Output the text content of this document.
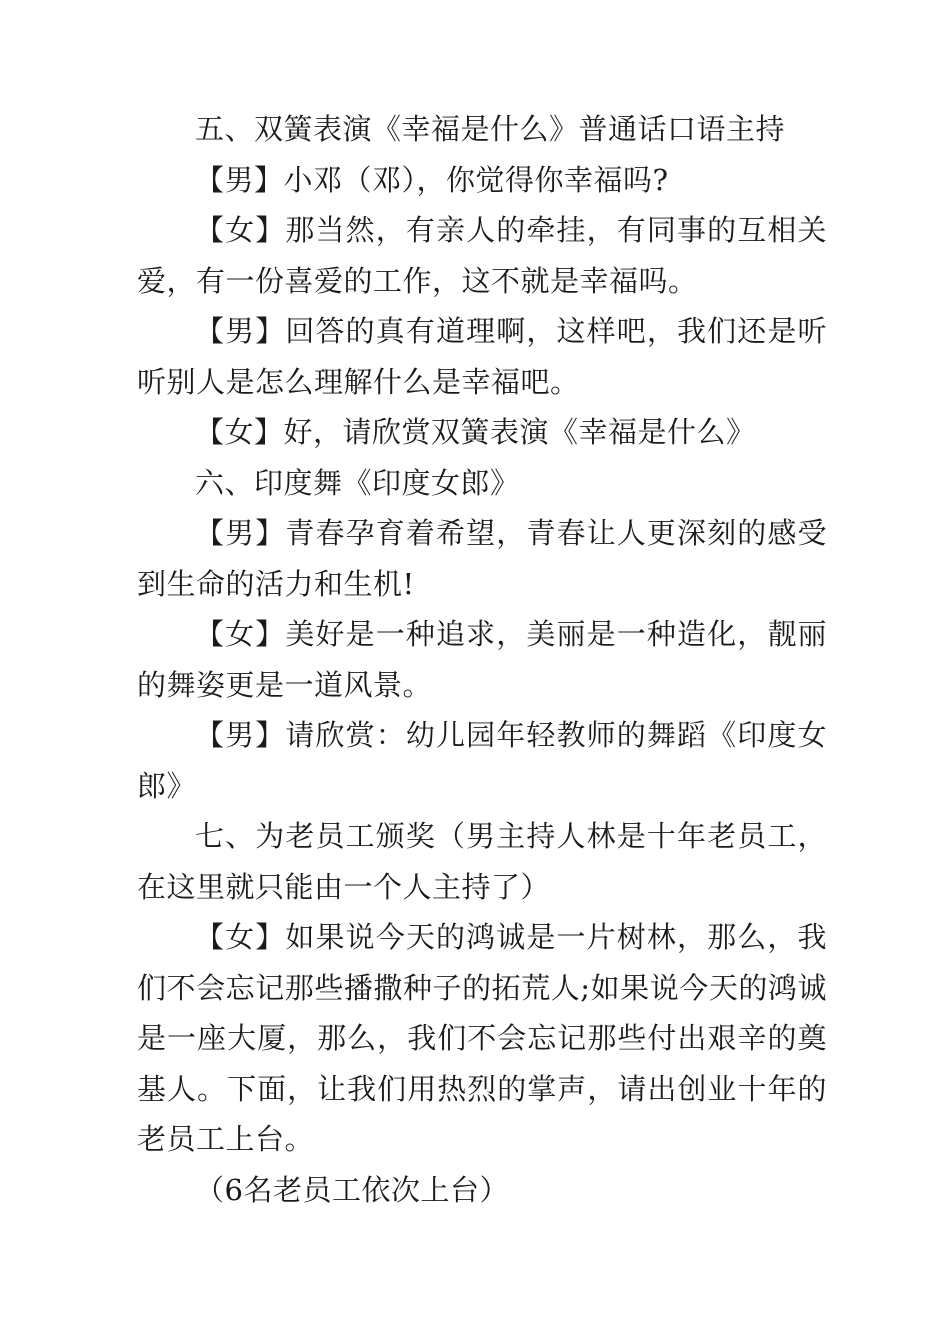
五、双簧表演《幸福是什么》普通话口语主持

【男】小邓（邓），你觉得你幸福吗?

【女】那当然，有亲人的牵挂，有同事的互相关爱，有一份喜爱的工作，这不就是幸福吗。

【男】回答的真有道理啊，这样吧，我们还是听听别人是怎么理解什么是幸福吧。

【女】好，请欣赏双簧表演《幸福是什么》

六、印度舞《印度女郎》

【男】青春孕育着希望，青春让人更深刻的感受到生命的活力和生机!

【女】美好是一种追求，美丽是一种造化，靓丽的舞姿更是一道风景。

【男】请欣赏：幼儿园年轻教师的舞蹈《印度女郎》

七、为老员工颁奖（男主持人林是十年老员工，在这里就只能由一个人主持了）

【女】如果说今天的鸿诚是一片树林，那么，我们不会忘记那些播撒种子的拓荒人;如果说今天的鸿诚是一座大厦，那么，我们不会忘记那些付出艰辛的奠基人。下面，让我们用热烈的掌声，请出创业十年的老员工上台。

（6名老员工依次上台）
